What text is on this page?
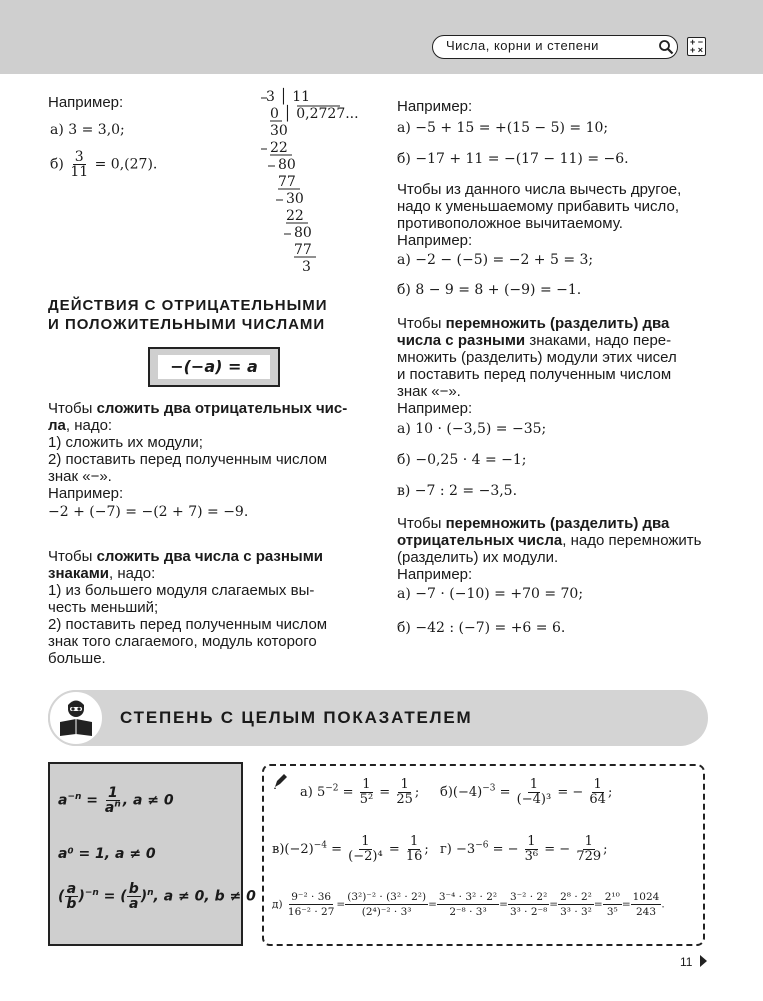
Числа, корни и степени	+ −
+ ×
Например:
а) 3 = 3,0;
$б) \frac{3}{11} = 0,(27)$.
3 │ 11
0 │ 0,2727...
30
22
80
77
30
22
80
77
3
ДЕЙСТВИЯ С ОТРИЦАТЕЛЬНЫМИ
И ПОЛОЖИТЕЛЬНЫМИ ЧИСЛАМИ
−(−a) = a
Чтобы сложить два отрицательных чис-
ла, надо:
1) сложить их модули;
2) поставить перед полученным числом
знак «−».
Например:
−2 + (−7) = −(2 + 7) = −9.
Чтобы сложить два числа с разными
знаками, надо:
1) из большего модуля слагаемых вы-
честь меньший;
2) поставить перед полученным числом
знак того слагаемого, модуль которого
больше.
Например:
а) −5 + 15 = +(15 − 5) = 10;
б) −17 + 11 = −(17 − 11) = −6.
Чтобы из данного числа вычесть другое,
надо к уменьшаемому прибавить число,
противоположное вычитаемому.
Например:
а) −2 − (−5) = −2 + 5 = 3;
б) 8 − 9 = 8 + (−9) = −1.
Чтобы перемножить (разделить) два
числа с разными знаками, надо пере-
множить (разделить) модули этих чисел
и поставить перед полученным числом
знак «−».
Например:
а) 10 · (−3,5) = −35;
б) −0,25 · 4 = −1;
в) −7 : 2 = −3,5.
Чтобы перемножить (разделить) два
отрицательных числа, надо перемножить
(разделить) их модули.
Например:
а) −7 · (−10) = +70 = 70;
б) −42 : (−7) = +6 = 6.
СТЕПЕНЬ С ЦЕЛЫМ ПОКАЗАТЕЛЕМ
$a^{-n} = \frac{1}{a^n}$ , a ≠ 0
a⁰ = 1, a ≠ 0
( $\frac{a}{b} )^{-n}$ = ( $\frac{b}{a} )^n$, a ≠ 0, b ≠ 0
а) $5^{-2} = \frac{1}{\text{5²}} = \frac{1}{25}$ ; $б)(-4)^{-3} = \frac{1}{\text{(−4)³}}$ = − $\frac{1}{64}$ ;
$в)(-2)^{-4} = \frac{1}{\text{(−2)⁴}} = \frac{1}{16}$ ; $г) -3^{-6}$ = − $\frac{1}{\text{3⁶}}$ = − $\frac{1}{729}$ ;
$д) \frac{\text{9⁻² · 36}}{\text{16⁻² · 27}} = \frac{\text{(3²)⁻² · (3² · 2²)}}{\text{(2⁴)⁻² · 3³}} = \frac{\text{3⁻⁴ · 3² · 2²}}{\text{2⁻⁸ · 3³}} = \frac{\text{3⁻² · 2²}}{\text{3³ · 2⁻⁸}} = \frac{\text{2⁸ · 2²}}{\text{3³ · 3²}} = \frac{\text{2¹⁰}}{\text{3⁵}} = \frac{1024}{243}$ .
11
